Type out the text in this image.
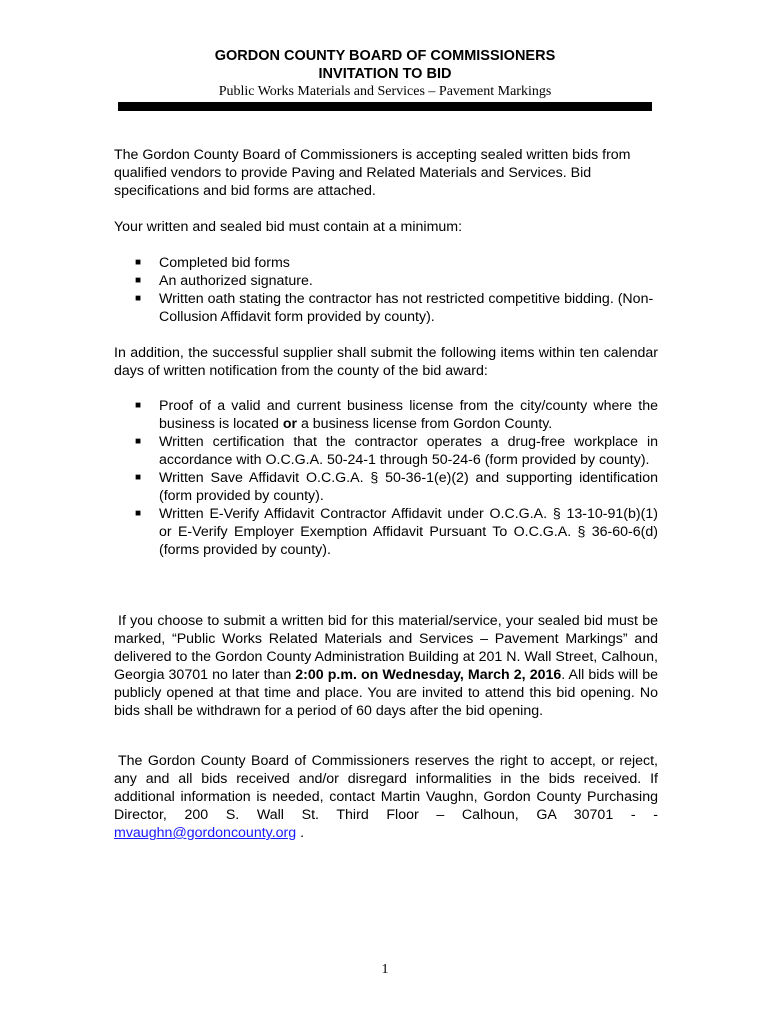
GORDON COUNTY BOARD OF COMMISSIONERS
INVITATION TO BID
Public Works Materials and Services – Pavement Markings
The Gordon County Board of Commissioners is accepting sealed written bids from qualified vendors to provide Paving and Related Materials and Services. Bid specifications and bid forms are attached.
Your written and sealed bid must contain at a minimum:
■ Completed bid forms
■ An authorized signature.
■ Written oath stating the contractor has not restricted competitive bidding. (Non-Collusion Affidavit form provided by county).
In addition, the successful supplier shall submit the following items within ten calendar days of written notification from the county of the bid award:
■ Proof of a valid and current business license from the city/county where the business is located or a business license from Gordon County.
■ Written certification that the contractor operates a drug-free workplace in accordance with O.C.G.A. 50-24-1 through 50-24-6 (form provided by county).
■ Written Save Affidavit O.C.G.A. § 50-36-1(e)(2) and supporting identification (form provided by county).
■ Written E-Verify Affidavit Contractor Affidavit under O.C.G.A. § 13-10-91(b)(1) or E-Verify Employer Exemption Affidavit Pursuant To O.C.G.A. § 36-60-6(d) (forms provided by county).
If you choose to submit a written bid for this material/service, your sealed bid must be marked, “Public Works Related Materials and Services – Pavement Markings” and delivered to the Gordon County Administration Building at 201 N. Wall Street, Calhoun, Georgia 30701 no later than 2:00 p.m. on Wednesday, March 2, 2016. All bids will be publicly opened at that time and place. You are invited to attend this bid opening. No bids shall be withdrawn for a period of 60 days after the bid opening.
The Gordon County Board of Commissioners reserves the right to accept, or reject, any and all bids received and/or disregard informalities in the bids received. If additional information is needed, contact Martin Vaughn, Gordon County Purchasing Director, 200 S. Wall St. Third Floor – Calhoun, GA 30701 - - mvaughn@gordoncounty.org .
1
